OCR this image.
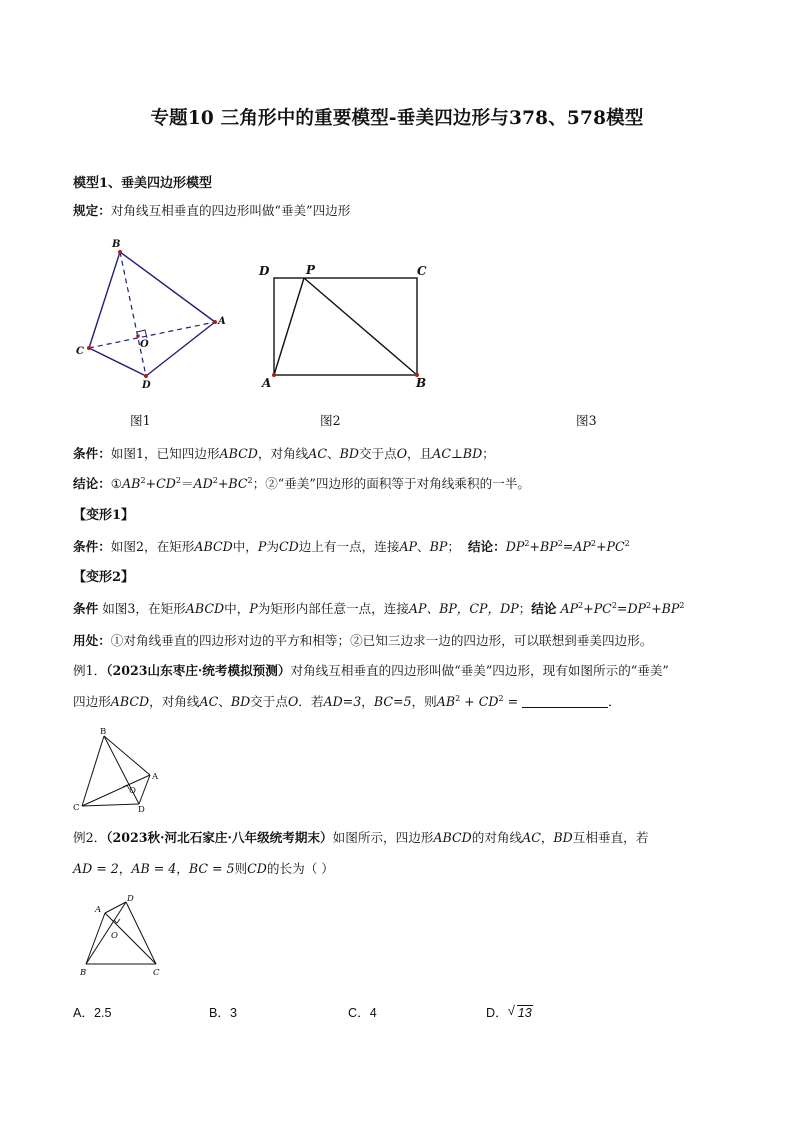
专题10 三角形中的重要模型-垂美四边形与378、578模型
模型1、垂美四边形模型
规定：对角线互相垂直的四边形叫做“垂美”四边形
B
A
C
D
O
D	P	C
A	B
图1	图2	图3
条件：如图1，已知四边形ABCD，对角线AC、BD交于点O，且AC⊥BD；
结论：$①AB^2+CD^2=AD^2+BC^2$；②“垂美”四边形的面积等于对角线乘积的一半。
【变形1】
条件：如图2，在矩形ABCD中，P为CD边上有一点，连接AP、BP； 结论：$DP^2+BP^2=AP^2+PC^2$
【变形2】
条件 如图3，在矩形ABCD中，P为矩形内部任意一点，连接AP、BP，CP，DP；结论 $AP^2+PC^2=DP^2+BP^2$
用处：①对角线垂直的四边形对边的平方和相等；②已知三边求一边的四边形，可以联想到垂美四边形。
例1．（2023山东枣庄·统考模拟预测）对角线互相垂直的四边形叫做“垂美”四边形，现有如图所示的“垂美”
四边形ABCD，对角线AC、BD交于点O．若AD=3，BC=5，则$AB^2 + CD^2$ =	．
B
A
C	D
O
例2．（2023秋·河北石家庄·八年级统考期末）如图所示，四边形ABCD的对角线AC，BD互相垂直，若
AD = 2，AB = 4，BC = 5则CD的长为（ ）
A
D
O
B	C
A．2.5	B．3	C．4	D． √ 13
